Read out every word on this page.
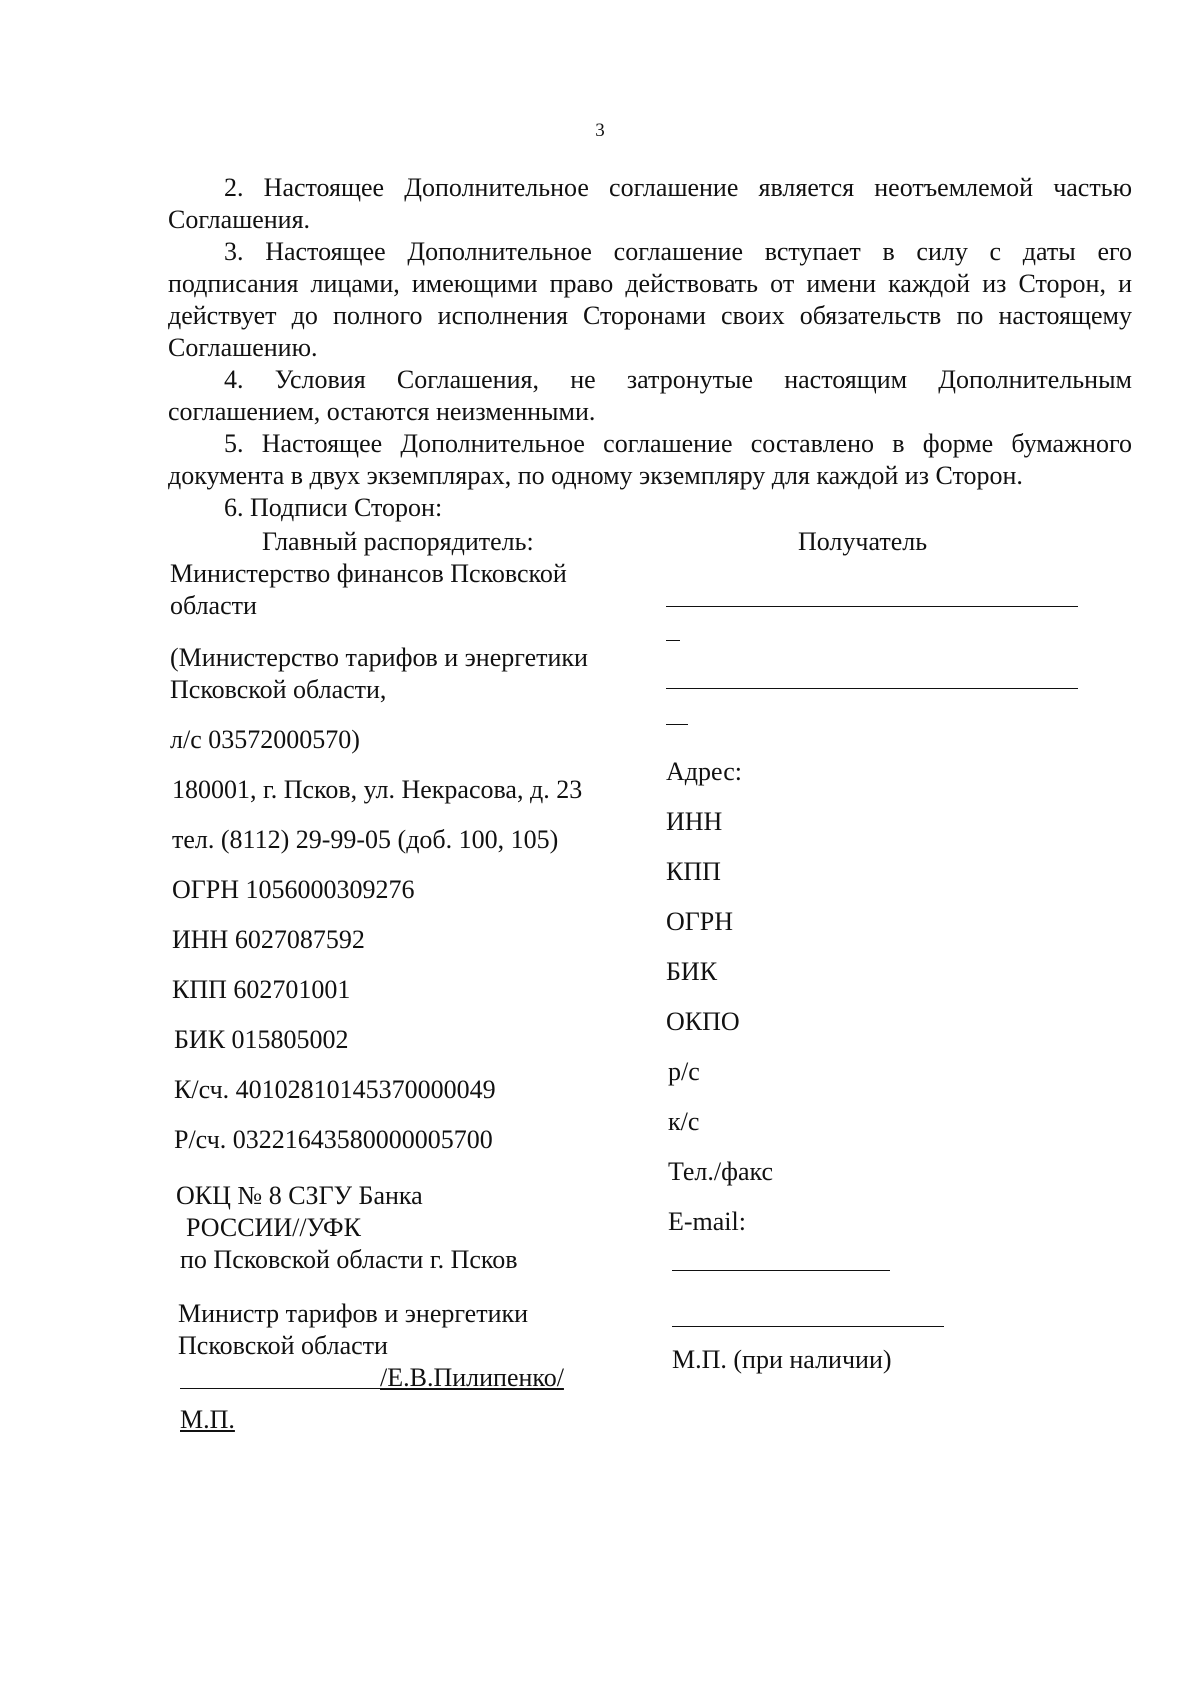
3
2. Настоящее Дополнительное соглашение является неотъемлемой частью Соглашения.
3. Настоящее Дополнительное соглашение вступает в силу с даты его подписания лицами, имеющими право действовать от имени каждой из Сторон, и действует до полного исполнения Сторонами своих обязательств по настоящему Соглашению.
4. Условия Соглашения, не затронутые настоящим Дополнительным соглашением, остаются неизменными.
5. Настоящее Дополнительное соглашение составлено в форме бумажного документа в двух экземплярах, по одному экземпляру для каждой из Сторон.
6. Подписи Сторон:
Главный распорядитель:
Министерство финансов Псковской
области
(Министерство тарифов и энергетики
Псковской области,
л/с 03572000570)
180001, г. Псков, ул. Некрасова, д. 23
тел. (8112) 29-99-05 (доб. 100, 105)
ОГРН 1056000309276
ИНН 6027087592
КПП 602701001
БИК 015805002
К/сч. 40102810145370000049
Р/сч. 03221643580000005700
ОКЦ № 8 СЗГУ Банка
РОССИИ//УФК
по Псковской области г. Псков
Министр тарифов и энергетики
Псковской области
/Е.В.Пилипенко/
М.П.
Получатель
Адрес:
ИНН
КПП
ОГРН
БИК
ОКПО
р/с
к/с
Тел./факс
E-mail:
М.П. (при наличии)
